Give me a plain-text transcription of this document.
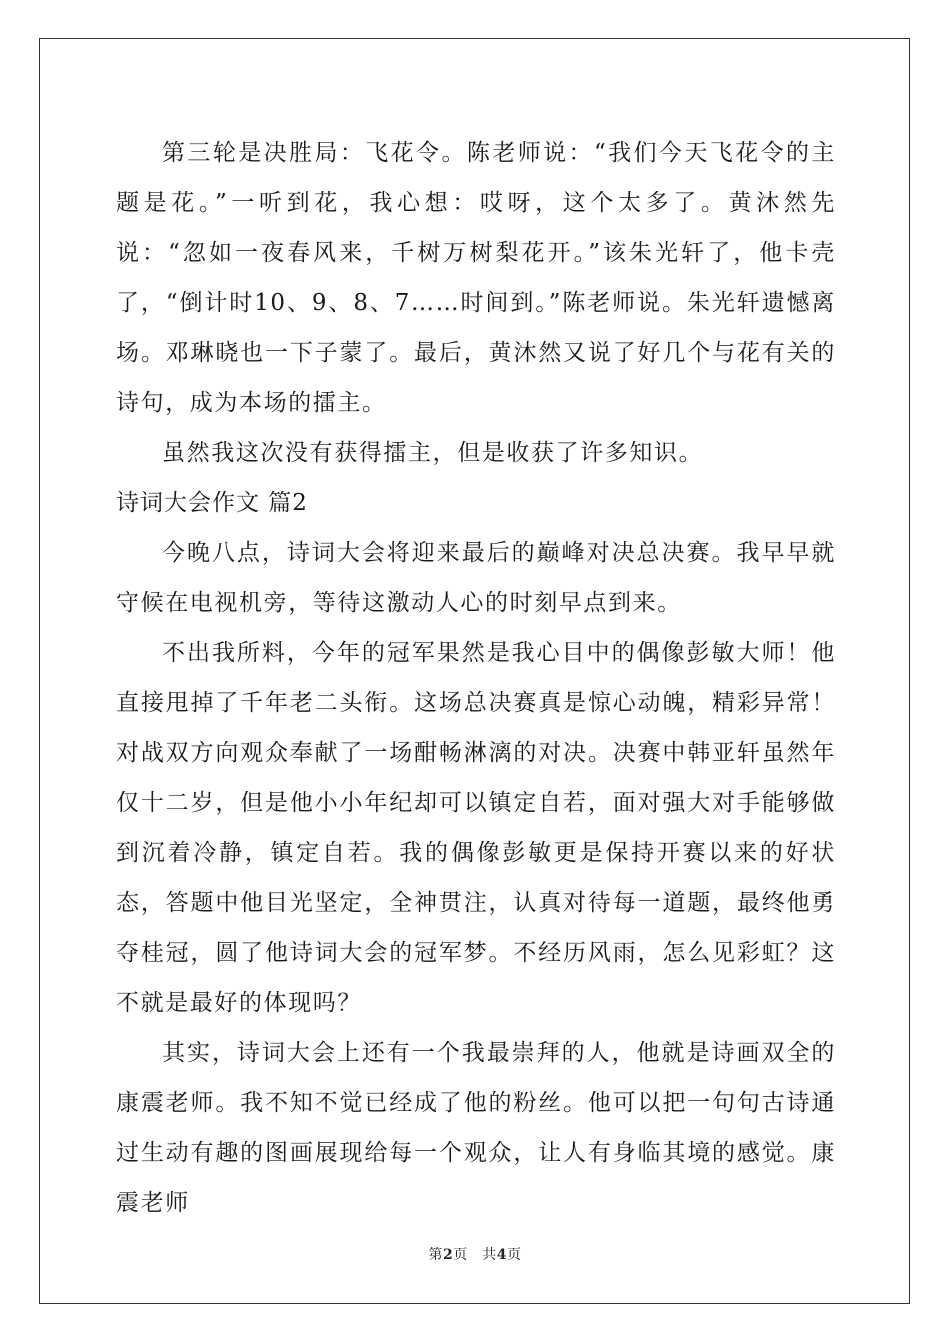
第三轮是决胜局：飞花令。陈老师说：“我们今天飞花令的主题是花。”一听到花，我心想：哎呀，这个太多了。黄沐然先说：“忽如一夜春风来，千树万树梨花开。”该朱光轩了，他卡壳了，“倒计时10、9、8、7……时间到。”陈老师说。朱光轩遗憾离场。邓琳晓也一下子蒙了。最后，黄沐然又说了好几个与花有关的诗句，成为本场的擂主。

虽然我这次没有获得擂主，但是收获了许多知识。

诗词大会作文 篇2

今晚八点，诗词大会将迎来最后的巅峰对决总决赛。我早早就守候在电视机旁，等待这激动人心的时刻早点到来。

不出我所料，今年的冠军果然是我心目中的偶像彭敏大师！他直接甩掉了千年老二头衔。这场总决赛真是惊心动魄，精彩异常！对战双方向观众奉献了一场酣畅淋漓的对决。决赛中韩亚轩虽然年仅十二岁，但是他小小年纪却可以镇定自若，面对强大对手能够做到沉着冷静，镇定自若。我的偶像彭敏更是保持开赛以来的好状态，答题中他目光坚定，全神贯注，认真对待每一道题，最终他勇夺桂冠，圆了他诗词大会的冠军梦。不经历风雨，怎么见彩虹？这不就是最好的体现吗？

其实，诗词大会上还有一个我最崇拜的人，他就是诗画双全的康震老师。我不知不觉已经成了他的粉丝。他可以把一句句古诗通过生动有趣的图画展现给每一个观众，让人有身临其境的感觉。康震老师

第2页　共4页
